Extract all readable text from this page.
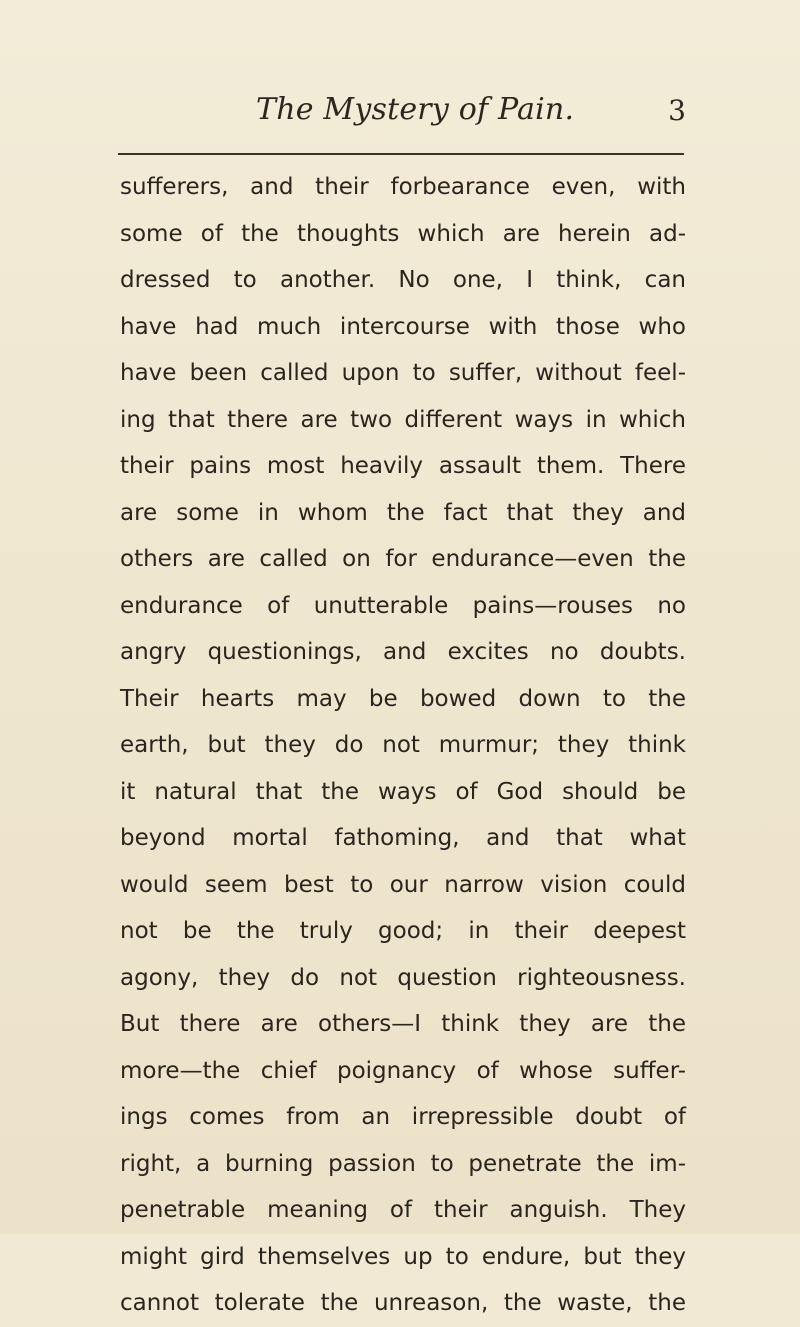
The Mystery of Pain.	3

sufferers, and their forbearance even, with
some of the thoughts which are herein ad-
dressed to another. No one, I think, can
have had much intercourse with those who
have been called upon to suffer, without feel-
ing that there are two different ways in which
their pains most heavily assault them. There
are some in whom the fact that they and
others are called on for endurance—even the
endurance of unutterable pains—rouses no
angry questionings, and excites no doubts.
Their hearts may be bowed down to the
earth, but they do not murmur; they think
it natural that the ways of God should be
beyond mortal fathoming, and that what
would seem best to our narrow vision could
not be the truly good; in their deepest
agony, they do not question righteousness.
But there are others—I think they are the
more—the chief poignancy of whose suffer-
ings comes from an irrepressible doubt of
right, a burning passion to penetrate the im-
penetrable meaning of their anguish. They
might gird themselves up to endure, but they
cannot tolerate the unreason, the waste, the
